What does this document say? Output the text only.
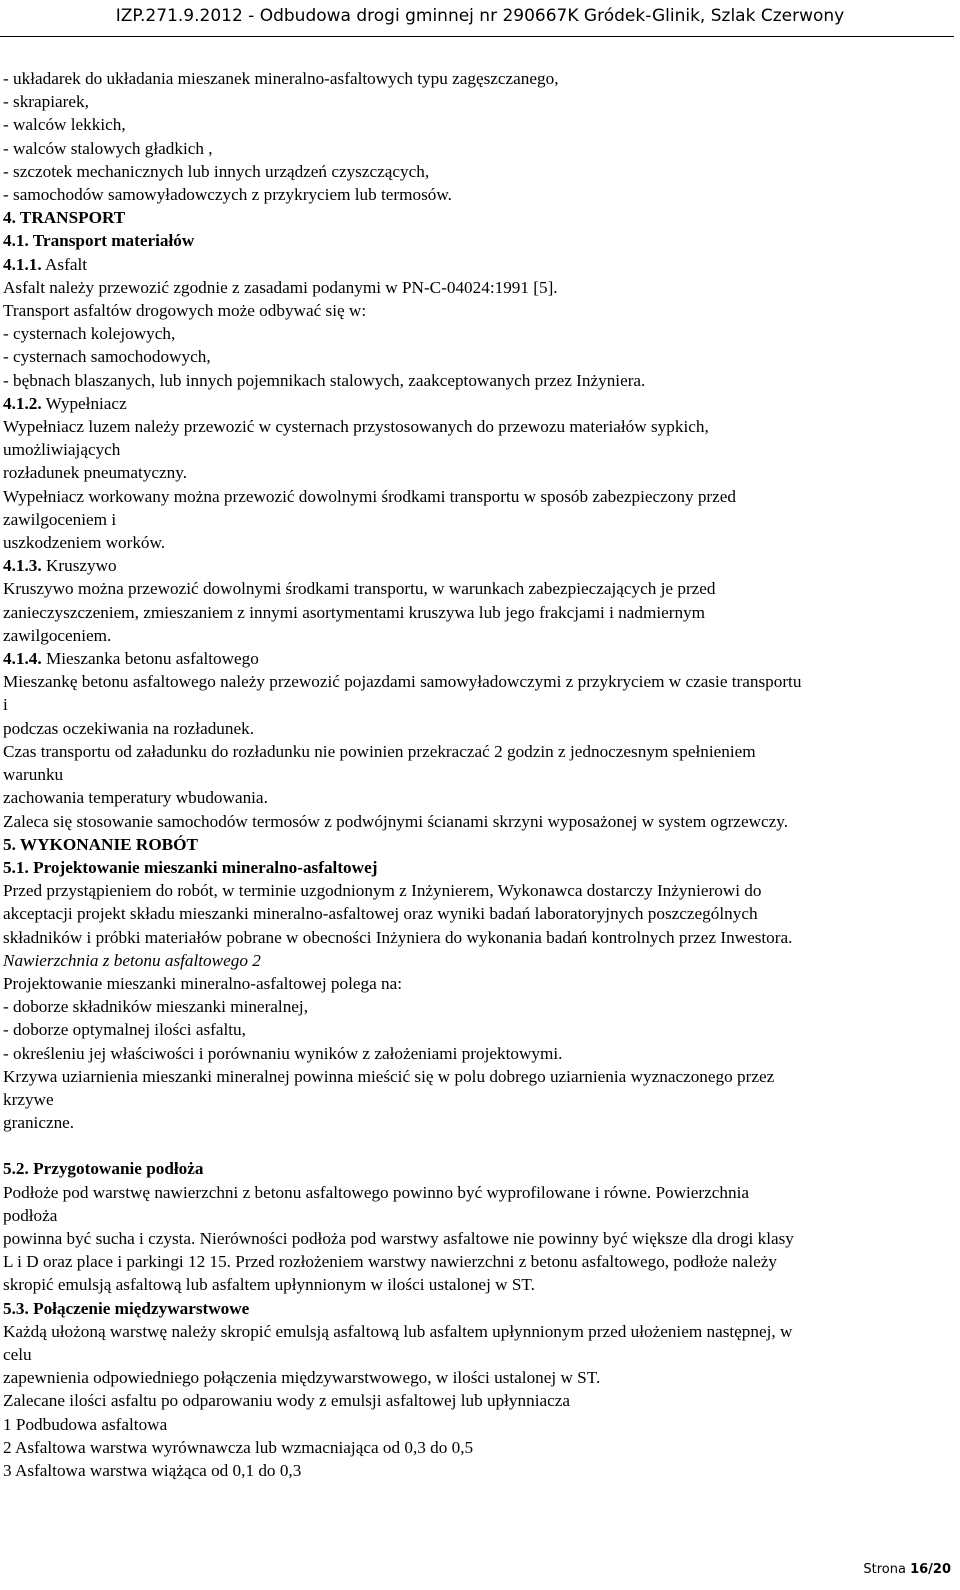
IZP.271.9.2012 - Odbudowa drogi gminnej nr 290667K Gródek-Glinik, Szlak Czerwony
- układarek do układania mieszanek mineralno-asfaltowych typu zagęszczanego,
- skrapiarek,
- walców lekkich,
- walców stalowych gładkich ,
- szczotek mechanicznych lub innych urządzeń czyszczących,
- samochodów samowyładowczych z przykryciem lub termosów.
4. TRANSPORT
4.1. Transport materiałów
4.1.1. Asfalt
Asfalt należy przewozić zgodnie z zasadami podanymi w PN-C-04024:1991 [5].
Transport asfaltów drogowych może odbywać się w:
- cysternach kolejowych,
- cysternach samochodowych,
- bębnach blaszanych, lub innych pojemnikach stalowych, zaakceptowanych przez Inżyniera.
4.1.2. Wypełniacz
Wypełniacz luzem należy przewozić w cysternach przystosowanych do przewozu materiałów sypkich,
umożliwiających
rozładunek pneumatyczny.
Wypełniacz workowany można przewozić dowolnymi środkami transportu w sposób zabezpieczony przed
zawilgoceniem i
uszkodzeniem worków.
4.1.3. Kruszywo
Kruszywo można przewozić dowolnymi środkami transportu, w warunkach zabezpieczających je przed
zanieczyszczeniem, zmieszaniem z innymi asortymentami kruszywa lub jego frakcjami i nadmiernym
zawilgoceniem.
4.1.4. Mieszanka betonu asfaltowego
Mieszankę betonu asfaltowego należy przewozić pojazdami samowyładowczymi z przykryciem w czasie transportu
i
podczas oczekiwania na rozładunek.
Czas transportu od załadunku do rozładunku nie powinien przekraczać 2 godzin z jednoczesnym spełnieniem
warunku
zachowania temperatury wbudowania.
Zaleca się stosowanie samochodów termosów z podwójnymi ścianami skrzyni wyposażonej w system ogrzewczy.
5. WYKONANIE ROBÓT
5.1. Projektowanie mieszanki mineralno-asfaltowej
Przed przystąpieniem do robót, w terminie uzgodnionym z Inżynierem, Wykonawca dostarczy Inżynierowi do
akceptacji projekt składu mieszanki mineralno-asfaltowej oraz wyniki badań laboratoryjnych poszczególnych
składników i próbki materiałów pobrane w obecności Inżyniera do wykonania badań kontrolnych przez Inwestora.
Nawierzchnia z betonu asfaltowego 2
Projektowanie mieszanki mineralno-asfaltowej polega na:
- doborze składników mieszanki mineralnej,
- doborze optymalnej ilości asfaltu,
- określeniu jej właściwości i porównaniu wyników z założeniami projektowymi.
Krzywa uziarnienia mieszanki mineralnej powinna mieścić się w polu dobrego uziarnienia wyznaczonego przez
krzywe
graniczne.
5.2. Przygotowanie podłoża
Podłoże pod warstwę nawierzchni z betonu asfaltowego powinno być wyprofilowane i równe. Powierzchnia
podłoża
powinna być sucha i czysta. Nierówności podłoża pod warstwy asfaltowe nie powinny być większe dla drogi klasy
L i D oraz place i parkingi 12 15. Przed rozłożeniem warstwy nawierzchni z betonu asfaltowego, podłoże należy
skropić emulsją asfaltową lub asfaltem upłynnionym w ilości ustalonej w ST.
5.3. Połączenie międzywarstwowe
Każdą ułożoną warstwę należy skropić emulsją asfaltową lub asfaltem upłynnionym przed ułożeniem następnej, w
celu
zapewnienia odpowiedniego połączenia międzywarstwowego, w ilości ustalonej w ST.
Zalecane ilości asfaltu po odparowaniu wody z emulsji asfaltowej lub upłynniacza
1 Podbudowa asfaltowa
2 Asfaltowa warstwa wyrównawcza lub wzmacniająca od 0,3 do 0,5
3 Asfaltowa warstwa wiążąca od 0,1 do 0,3
Strona 16/20
